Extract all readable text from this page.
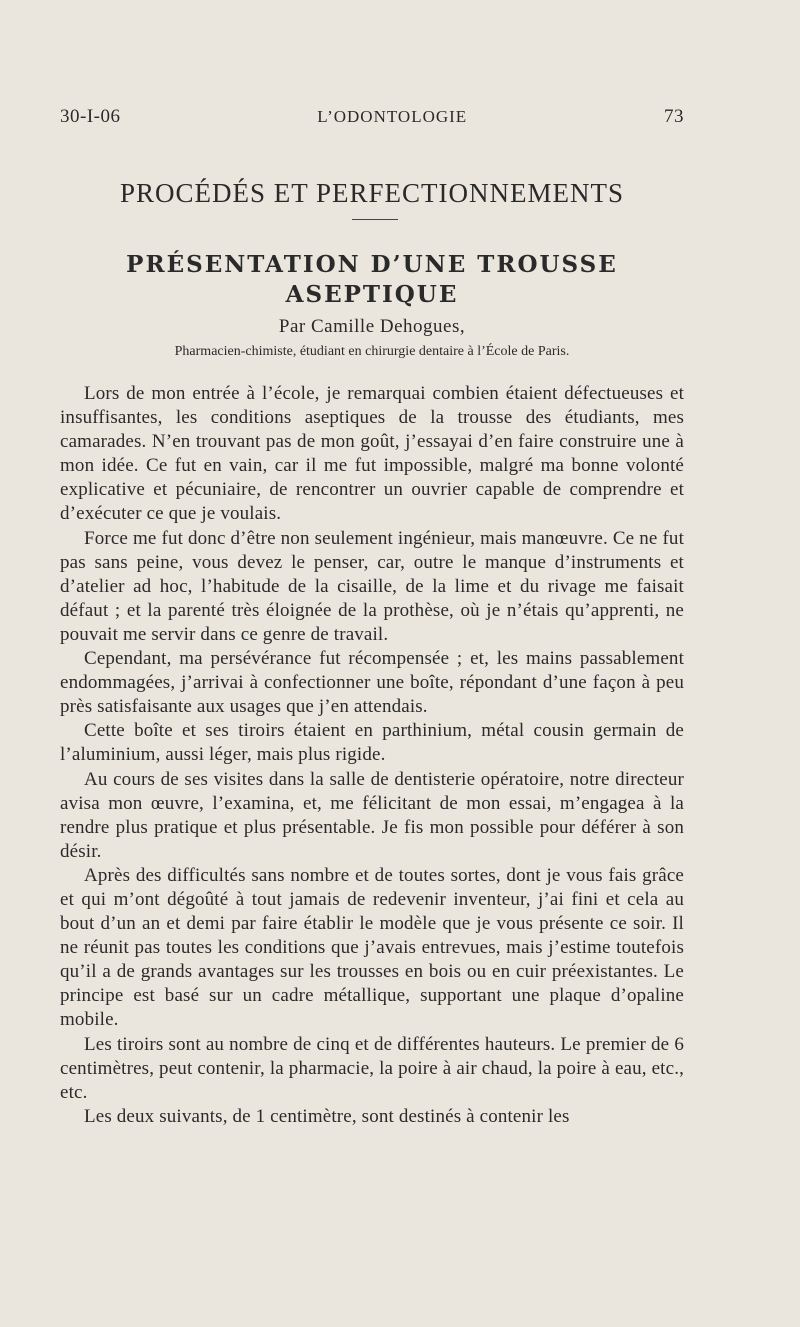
30-I-06	L’ODONTOLOGIE	73
PROCÉDÉS ET PERFECTIONNEMENTS
PRÉSENTATION D’UNE TROUSSE
ASEPTIQUE
Par Camille Dehogues,
Pharmacien-chimiste, étudiant en chirurgie dentaire à l’École de Paris.

Lors de mon entrée à l’école, je remarquai combien étaient défectueuses et insuffisantes, les conditions aseptiques de la trousse des étudiants, mes camarades. N’en trouvant pas de mon goût, j’essayai d’en faire construire une à mon idée. Ce fut en vain, car il me fut impossible, malgré ma bonne volonté explicative et pécuniaire, de rencontrer un ouvrier capable de comprendre et d’exécuter ce que je voulais.

Force me fut donc d’être non seulement ingénieur, mais manœuvre. Ce ne fut pas sans peine, vous devez le penser, car, outre le manque d’instruments et d’atelier ad hoc, l’habitude de la cisaille, de la lime et du rivage me faisait défaut ; et la parenté très éloignée de la prothèse, où je n’étais qu’apprenti, ne pouvait me servir dans ce genre de travail.

Cependant, ma persévérance fut récompensée ; et, les mains passablement endommagées, j’arrivai à confectionner une boîte, répondant d’une façon à peu près satisfaisante aux usages que j’en attendais.

Cette boîte et ses tiroirs étaient en parthinium, métal cousin germain de l’aluminium, aussi léger, mais plus rigide.

Au cours de ses visites dans la salle de dentisterie opératoire, notre directeur avisa mon œuvre, l’examina, et, me félicitant de mon essai, m’engagea à la rendre plus pratique et plus présentable. Je fis mon possible pour déférer à son désir.

Après des difficultés sans nombre et de toutes sortes, dont je vous fais grâce et qui m’ont dégoûté à tout jamais de redevenir inventeur, j’ai fini et cela au bout d’un an et demi par faire établir le modèle que je vous présente ce soir. Il ne réunit pas toutes les conditions que j’avais entrevues, mais j’estime toutefois qu’il a de grands avantages sur les trousses en bois ou en cuir préexistantes. Le principe est basé sur un cadre métallique, supportant une plaque d’opaline mobile.

Les tiroirs sont au nombre de cinq et de différentes hauteurs. Le premier de 6 centimètres, peut contenir, la pharmacie, la poire à air chaud, la poire à eau, etc., etc.

Les deux suivants, de 1 centimètre, sont destinés à contenir les
